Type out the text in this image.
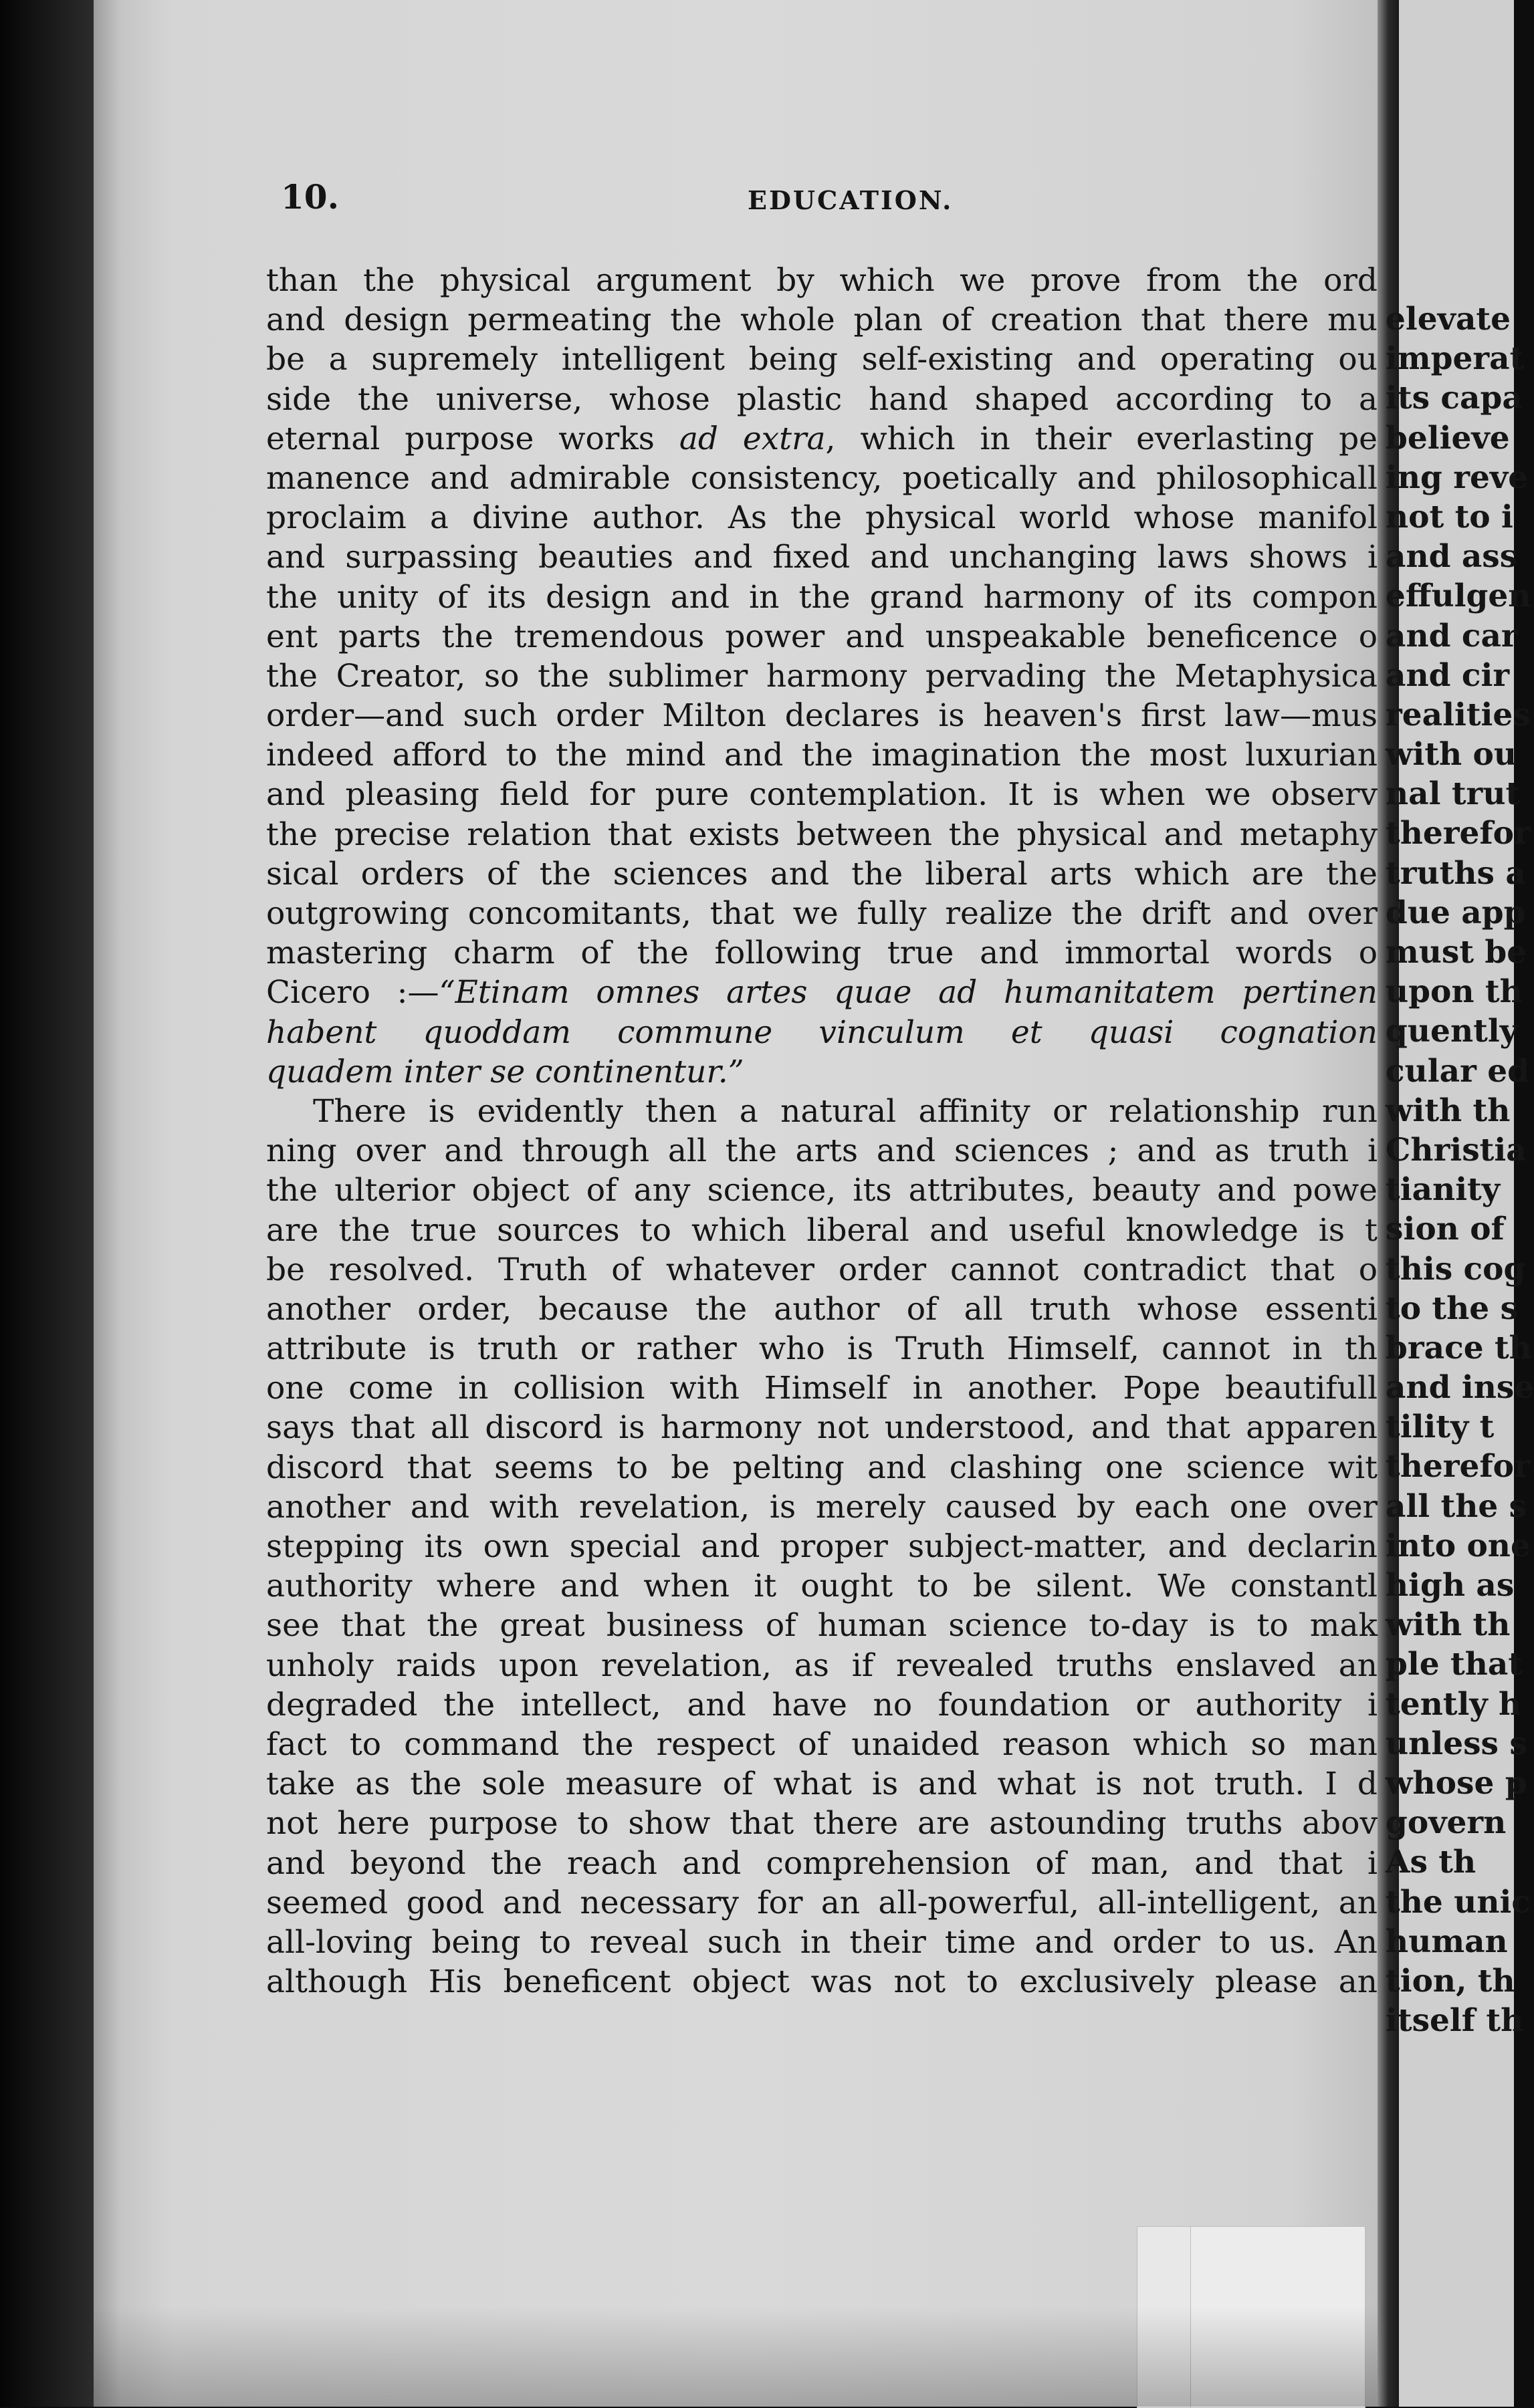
10.	EDUCATION.
than the physical argument by which we prove from the ord
and design permeating the whole plan of creation that there mu
be a supremely intelligent being self-existing and operating ou
side the universe, whose plastic hand shaped according to a
eternal purpose works ad extra, which in their everlasting pe
manence and admirable consistency, poetically and philosophicall
proclaim a divine author. As the physical world whose manifol
and surpassing beauties and fixed and unchanging laws shows i
the unity of its design and in the grand harmony of its compon
ent parts the tremendous power and unspeakable beneficence o
the Creator, so the sublimer harmony pervading the Metaphysica
order—and such order Milton declares is heaven's first law—mus
indeed afford to the mind and the imagination the most luxurian
and pleasing field for pure contemplation. It is when we observ
the precise relation that exists between the physical and metaphy
sical orders of the sciences and the liberal arts which are the
outgrowing concomitants, that we fully realize the drift and over
mastering charm of the following true and immortal words o
Cicero :—“Etinam omnes artes quae ad humanitatem pertinen
habent quoddam commune vinculum et quasi cognation
quadem inter se continentur.”
There is evidently then a natural affinity or relationship run
ning over and through all the arts and sciences ; and as truth i
the ulterior object of any science, its attributes, beauty and powe
are the true sources to which liberal and useful knowledge is t
be resolved. Truth of whatever order cannot contradict that o
another order, because the author of all truth whose essenti
attribute is truth or rather who is Truth Himself, cannot in th
one come in collision with Himself in another. Pope beautifull
says that all discord is harmony not understood, and that apparen
discord that seems to be pelting and clashing one science wit
another and with revelation, is merely caused by each one over
stepping its own special and proper subject-matter, and declarin
authority where and when it ought to be silent. We constantl
see that the great business of human science to-day is to mak
unholy raids upon revelation, as if revealed truths enslaved an
degraded the intellect, and have no foundation or authority i
fact to command the respect of unaided reason which so man
take as the sole measure of what is and what is not truth. I d
not here purpose to show that there are astounding truths abov
and beyond the reach and comprehension of man, and that i
seemed good and necessary for an all-powerful, all-intelligent, an
all-loving being to reveal such in their time and order to us. An
although His beneficent object was not to exclusively please an
elevate
imperat
its capa
believe
ing reve
not to i
and ass
effulgen
and car
and cir
realities
with ou
nal trut
therefor
truths a
due app
must be
upon th
quently
cular ed
with th
Christia
tianity
sion of
this cog
to the s
brace th
and inse
tility t
therefor
all the s
into one
high as
with th
ple that
tently h
unless s
whose p
govern
As th
the unic
human
tion, th
itself th
